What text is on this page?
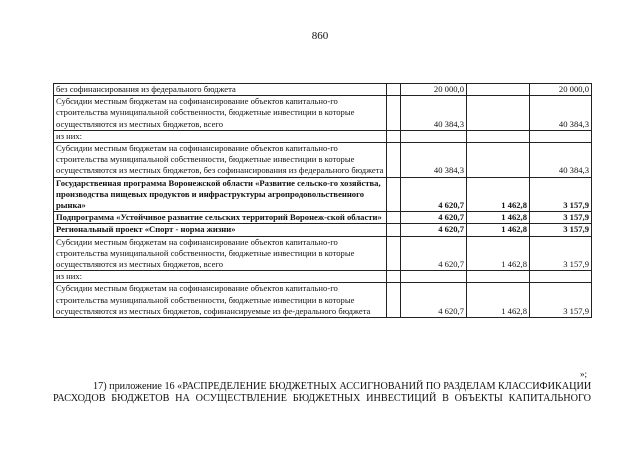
860
без софинансирования из федерального бюджета		20 000,0		20 000,0
Субсидии местным бюджетам на софинансирование объектов капитально-го строительства муниципальной собственности, бюджетные инвестиции в которые осуществляются из местных бюджетов, всего		40 384,3		40 384,3
из них:				
Субсидии местным бюджетам на софинансирование объектов капитально-го строительства муниципальной собственности, бюджетные инвестиции в которые осуществляются из местных бюджетов, без софинансирования из федерального бюджета		40 384,3		40 384,3
Государственная программа Воронежской области «Развитие сельско-го хозяйства, производства пищевых продуктов и инфраструктуры агропродовольственного рынка»		4 620,7	1 462,8	3 157,9
Подпрограмма «Устойчивое развитие сельских территорий Воронеж-ской области»		4 620,7	1 462,8	3 157,9
Региональный проект «Спорт - норма жизни»		4 620,7	1 462,8	3 157,9
Субсидии местным бюджетам на софинансирование объектов капитально-го строительства муниципальной собственности, бюджетные инвестиции в которые осуществляются из местных бюджетов, всего		4 620,7	1 462,8	3 157,9
из них:				
Субсидии местным бюджетам на софинансирование объектов капитально-го строительства муниципальной собственности, бюджетные инвестиции в которые осуществляются из местных бюджетов, софинансируемые из фе-дерального бюджета		4 620,7	1 462,8	3 157,9
»;
17) приложение 16 «РАСПРЕДЕЛЕНИЕ БЮДЖЕТНЫХ АССИГНОВАНИЙ ПО РАЗДЕЛАМ КЛАССИФИКАЦИИ
РАСХОДОВ БЮДЖЕТОВ НА ОСУЩЕСТВЛЕНИЕ БЮДЖЕТНЫХ ИНВЕСТИЦИЙ В ОБЪЕКТЫ КАПИТАЛЬНОГО
